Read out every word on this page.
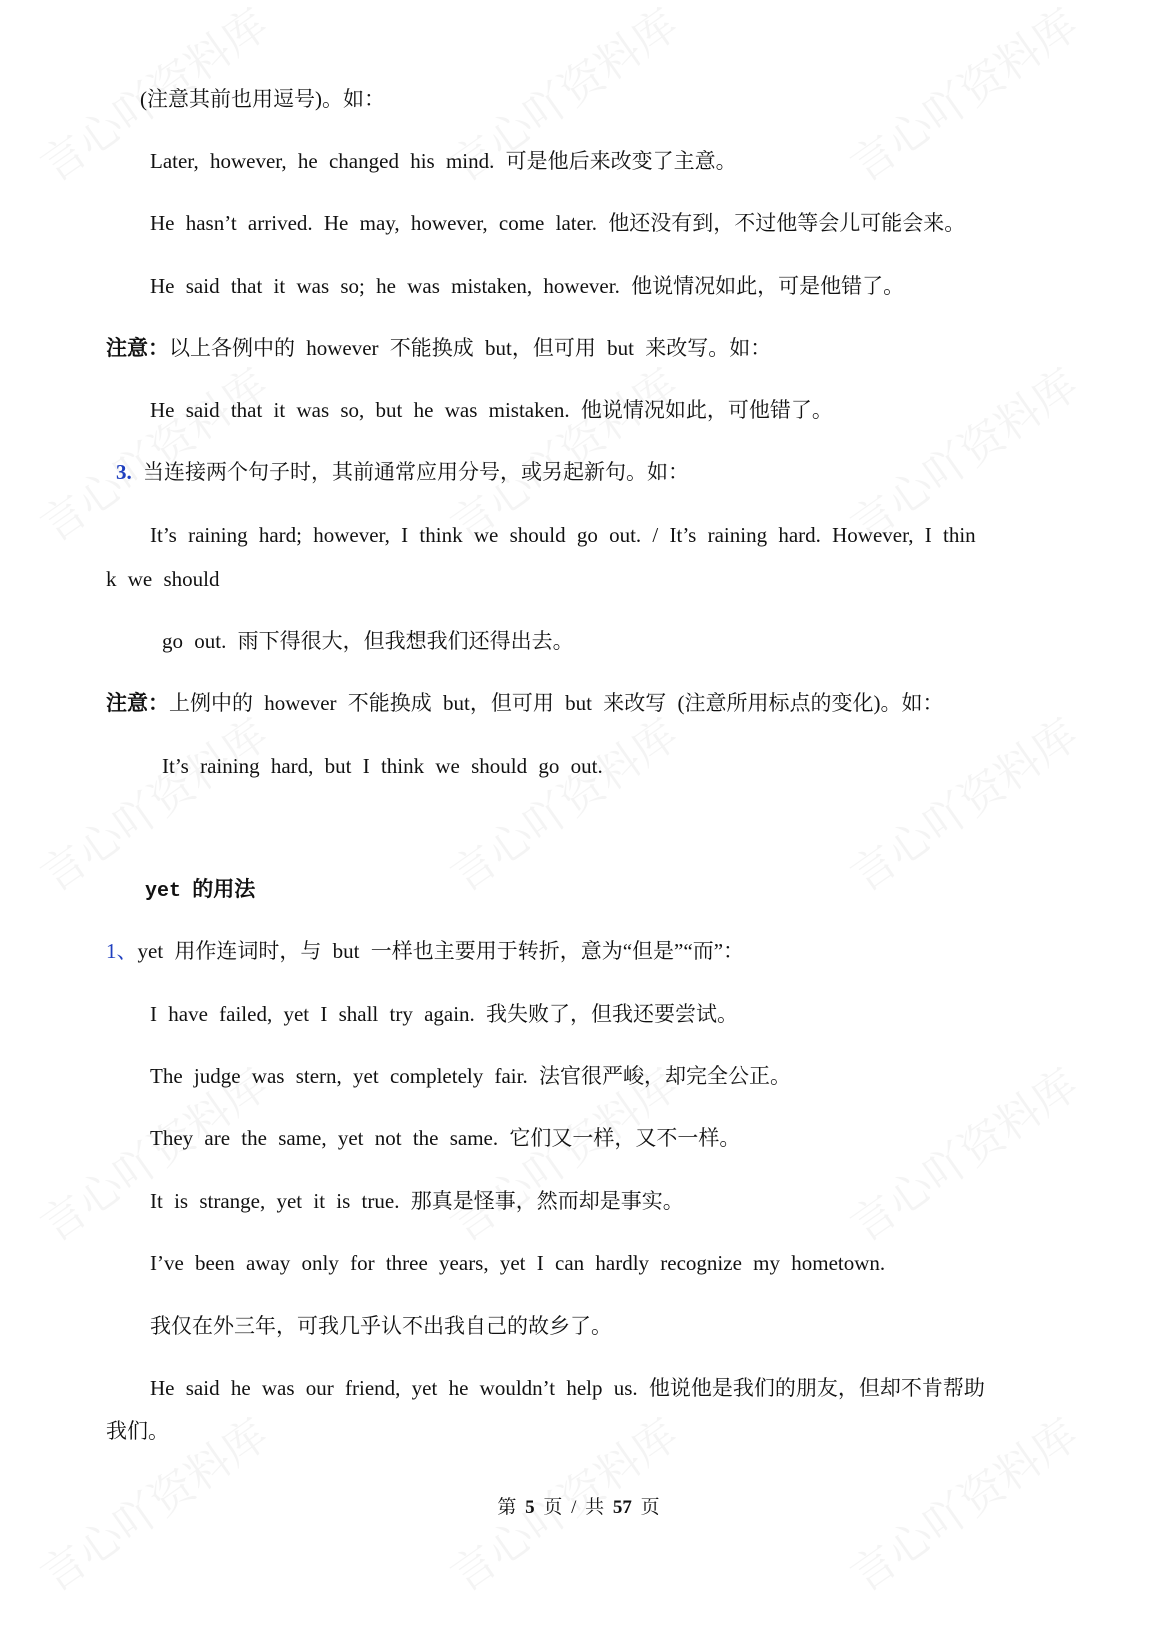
(注意其前也用逗号)。如：
Later, however, he changed his mind. 可是他后来改变了主意。
He hasn’t arrived. He may, however, come later. 他还没有到，不过他等会儿可能会来。
He said that it was so; he was mistaken, however. 他说情况如此，可是他错了。
注意：以上各例中的 however 不能换成 but，但可用 but 来改写。如：
He said that it was so, but he was mistaken. 他说情况如此，可他错了。
3. 当连接两个句子时，其前通常应用分号，或另起新句。如：
It’s raining hard; however, I think we should go out. / It’s raining hard. However, I thin
k we should
go out. 雨下得很大，但我想我们还得出去。
注意：上例中的 however 不能换成 but，但可用 but 来改写 (注意所用标点的变化)。如：
It’s raining hard, but I think we should go out.
yet 的用法
1、yet 用作连词时，与 but 一样也主要用于转折，意为“但是”“而”：
I have failed, yet I shall try again. 我失败了，但我还要尝试。
The judge was stern, yet completely fair. 法官很严峻，却完全公正。
They are the same, yet not the same. 它们又一样，又不一样。
It is strange, yet it is true. 那真是怪事，然而却是事实。
I’ve been away only for three years, yet I can hardly recognize my hometown.
我仅在外三年，可我几乎认不出我自己的故乡了。
He said he was our friend, yet he wouldn’t help us. 他说他是我们的朋友，但却不肯帮助
我们。
第 5 页 / 共 57 页
